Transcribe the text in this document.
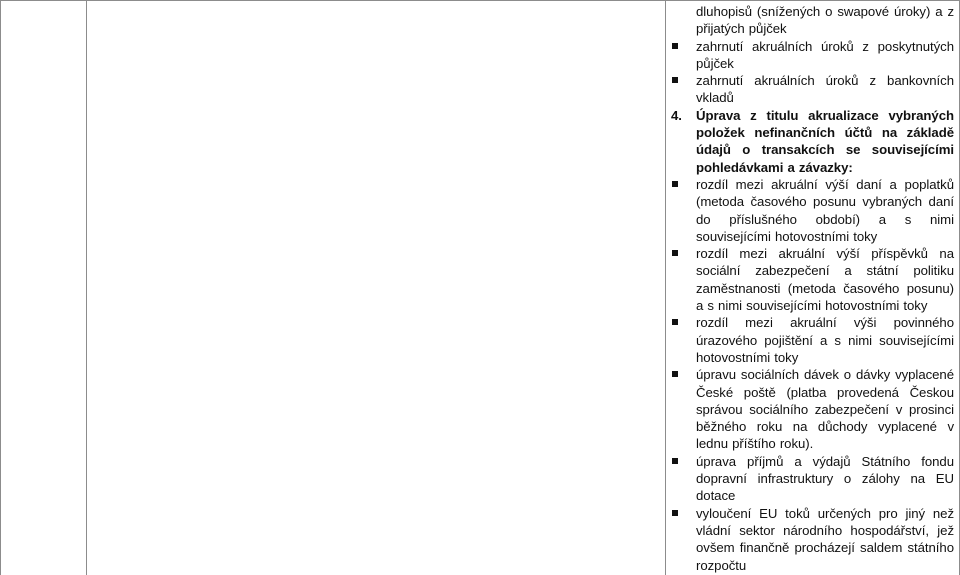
dluhopisů (snížených o swapové úroky) a z přijatých půjček
zahrnutí akruálních úroků z poskytnutých půjček
zahrnutí akruálních úroků z bankovních vkladů
4. Úprava z titulu akrualizace vybraných položek nefinančních účtů na základě údajů o transakcích se souvisejícími pohledávkami a závazky:
rozdíl mezi akruální výší daní a poplatků (metoda časového posunu vybraných daní do příslušného období) a s nimi souvisejícími hotovostními toky
rozdíl mezi akruální výší příspěvků na sociální zabezpečení a státní politiku zaměstnanosti (metoda časového posunu) a s nimi souvisejícími hotovostními toky
rozdíl mezi akruální výši povinného úrazového pojištění a s nimi souvisejícími hotovostními toky
úpravu sociálních dávek o dávky vyplacené České poště (platba provedená Českou správou sociálního zabezpečení v prosinci běžného roku na důchody vyplacené v lednu příštího roku).
úprava příjmů a výdajů Státního fondu dopravní infrastruktury o zálohy na EU dotace
vyloučení EU toků určených pro jiný než vládní sektor národního hospodářství, jež ovšem finančně procházejí saldem státního rozpočtu
